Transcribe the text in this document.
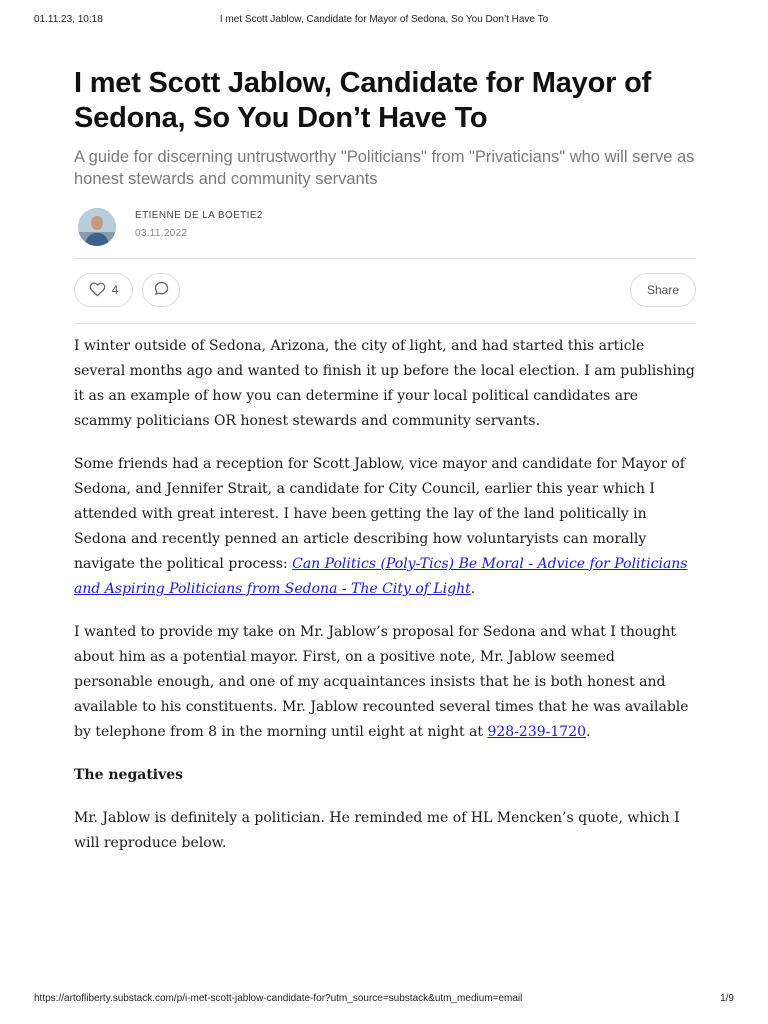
01.11.23, 10:18	I met Scott Jablow, Candidate for Mayor of Sedona, So You Don’t Have To
I met Scott Jablow, Candidate for Mayor of Sedona, So You Don’t Have To
A guide for discerning untrustworthy "Politicians" from "Privaticians" who will serve as honest stewards and community servants
ETIENNE DE LA BOETIE2
03.11.2022
4	Share

I winter outside of Sedona, Arizona, the city of light, and had started this article several months ago and wanted to finish it up before the local election. I am publishing it as an example of how you can determine if your local political candidates are scammy politicians OR honest stewards and community servants.

Some friends had a reception for Scott Jablow, vice mayor and candidate for Mayor of Sedona, and Jennifer Strait, a candidate for City Council, earlier this year which I attended with great interest. I have been getting the lay of the land politically in Sedona and recently penned an article describing how voluntaryists can morally navigate the political process: Can Politics (Poly-Tics) Be Moral - Advice for Politicians and Aspiring Politicians from Sedona - The City of Light.

I wanted to provide my take on Mr. Jablow’s proposal for Sedona and what I thought about him as a potential mayor. First, on a positive note, Mr. Jablow seemed personable enough, and one of my acquaintances insists that he is both honest and available to his constituents. Mr. Jablow recounted several times that he was available by telephone from 8 in the morning until eight at night at 928-239-1720.

The negatives

Mr. Jablow is definitely a politician. He reminded me of HL Mencken’s quote, which I will reproduce below.

https://artofliberty.substack.com/p/i-met-scott-jablow-candidate-for?utm_source=substack&utm_medium=email	1/9
